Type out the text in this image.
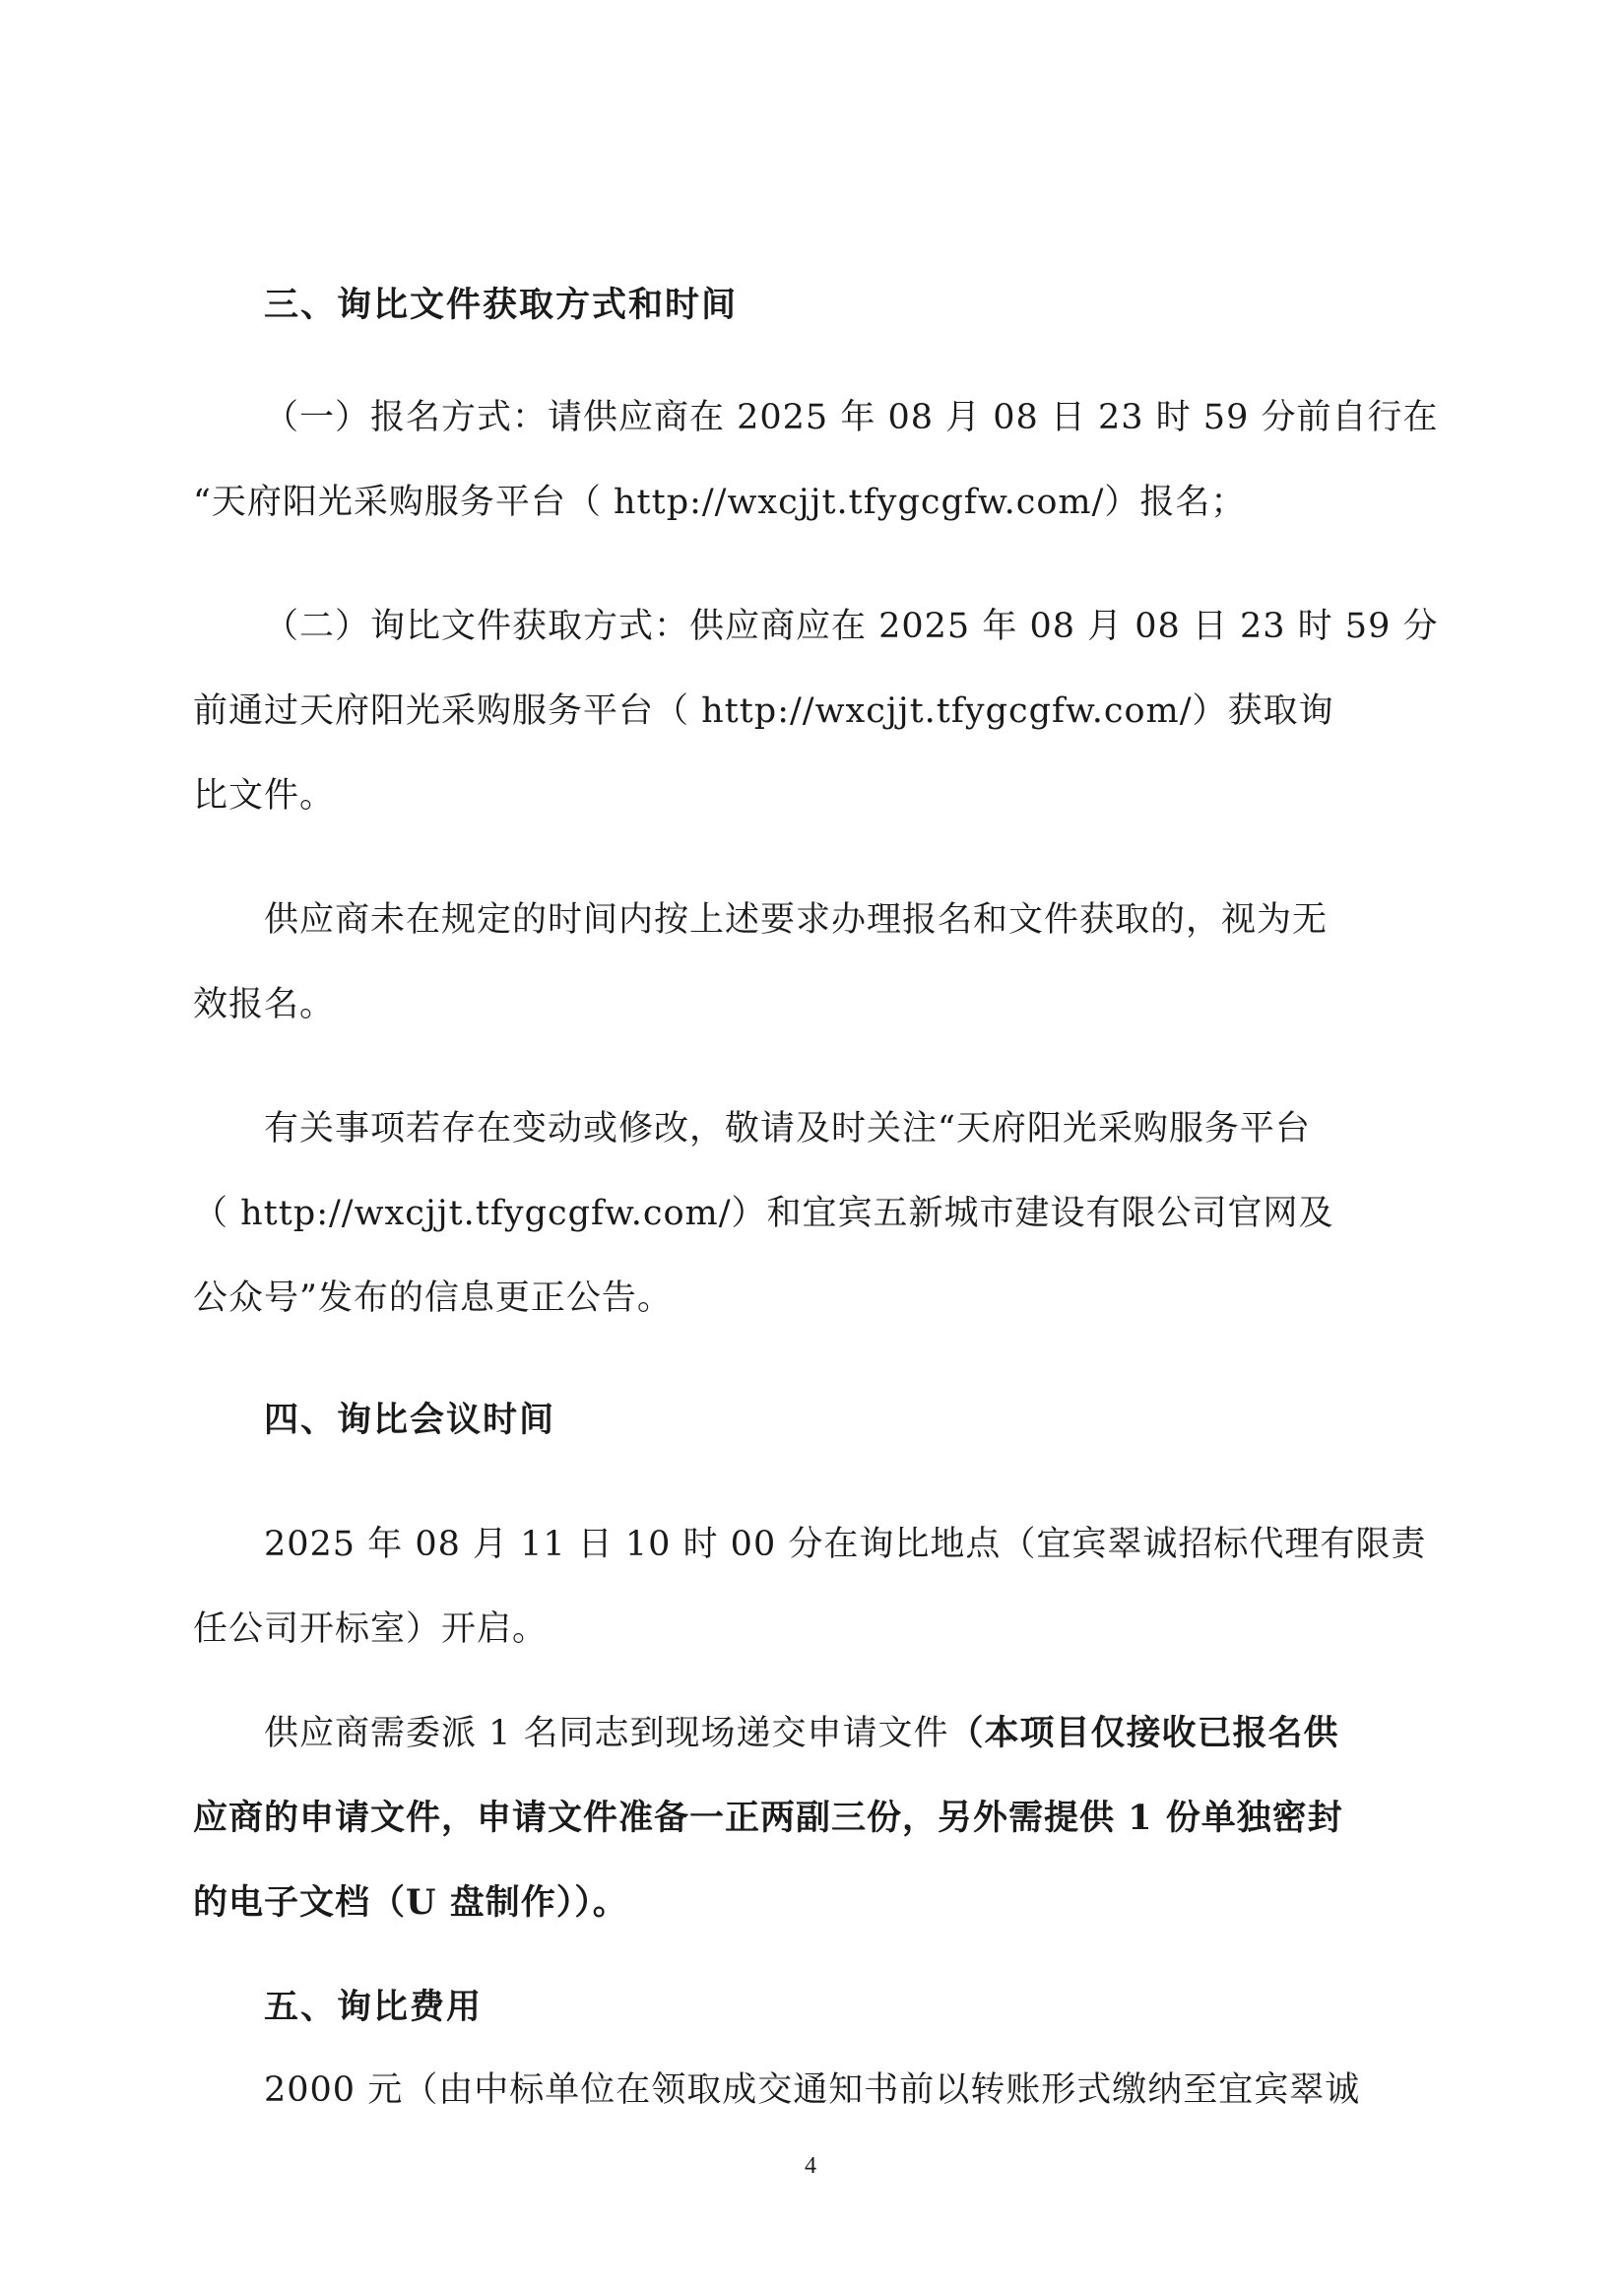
三、询比文件获取方式和时间
（一）报名方式：请供应商在 2025 年 08 月 08 日 23 时 59 分前自行在
“天府阳光采购服务平台（ http://wxcjjt.tfygcgfw.com/）报名；
（二）询比文件获取方式：供应商应在 2025 年 08 月 08 日 23 时 59 分
前通过天府阳光采购服务平台（ http://wxcjjt.tfygcgfw.com/）获取询
比文件。
供应商未在规定的时间内按上述要求办理报名和文件获取的，视为无
效报名。
有关事项若存在变动或修改，敬请及时关注“天府阳光采购服务平台
（ http://wxcjjt.tfygcgfw.com/）和宜宾五新城市建设有限公司官网及
公众号”发布的信息更正公告。
四、询比会议时间
2025 年 08 月 11 日 10 时 00 分在询比地点（宜宾翠诚招标代理有限责
任公司开标室）开启。
供应商需委派 1 名同志到现场递交申请文件（本项目仅接收已报名供
应商的申请文件，申请文件准备一正两副三份，另外需提供 1 份单独密封
的电子文档（U 盘制作））。
五、询比费用
2000 元（由中标单位在领取成交通知书前以转账形式缴纳至宜宾翠诚
4
